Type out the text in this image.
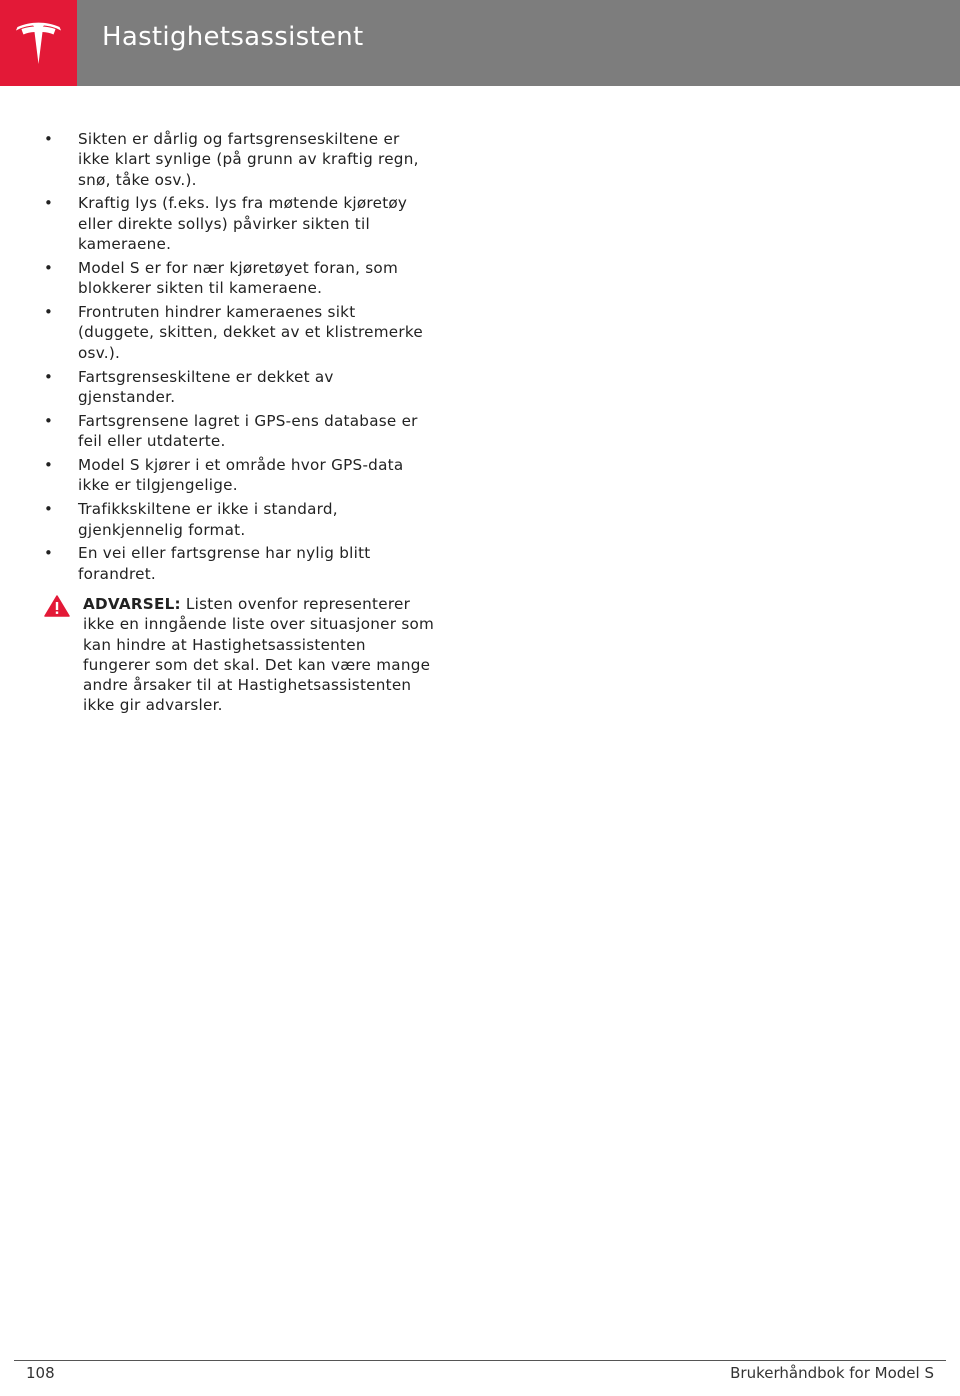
Hastighetsassistent
• Sikten er dårlig og fartsgrenseskiltene er ikke klart synlige (på grunn av kraftig regn, snø, tåke osv.).
• Kraftig lys (f.eks. lys fra møtende kjøretøy eller direkte sollys) påvirker sikten til kameraene.
• Model S er for nær kjøretøyet foran, som blokkerer sikten til kameraene.
• Frontruten hindrer kameraenes sikt (duggete, skitten, dekket av et klistremerke osv.).
• Fartsgrenseskiltene er dekket av gjenstander.
• Fartsgrensene lagret i GPS-ens database er feil eller utdaterte.
• Model S kjører i et område hvor GPS-data ikke er tilgjengelige.
• Trafikkskiltene er ikke i standard, gjenkjennelig format.
• En vei eller fartsgrense har nylig blitt forandret.
ADVARSEL: Listen ovenfor representerer ikke en inngående liste over situasjoner som kan hindre at Hastighetsassistenten fungerer som det skal. Det kan være mange andre årsaker til at Hastighetsassistenten ikke gir advarsler.
108	Brukerhåndbok for Model S
